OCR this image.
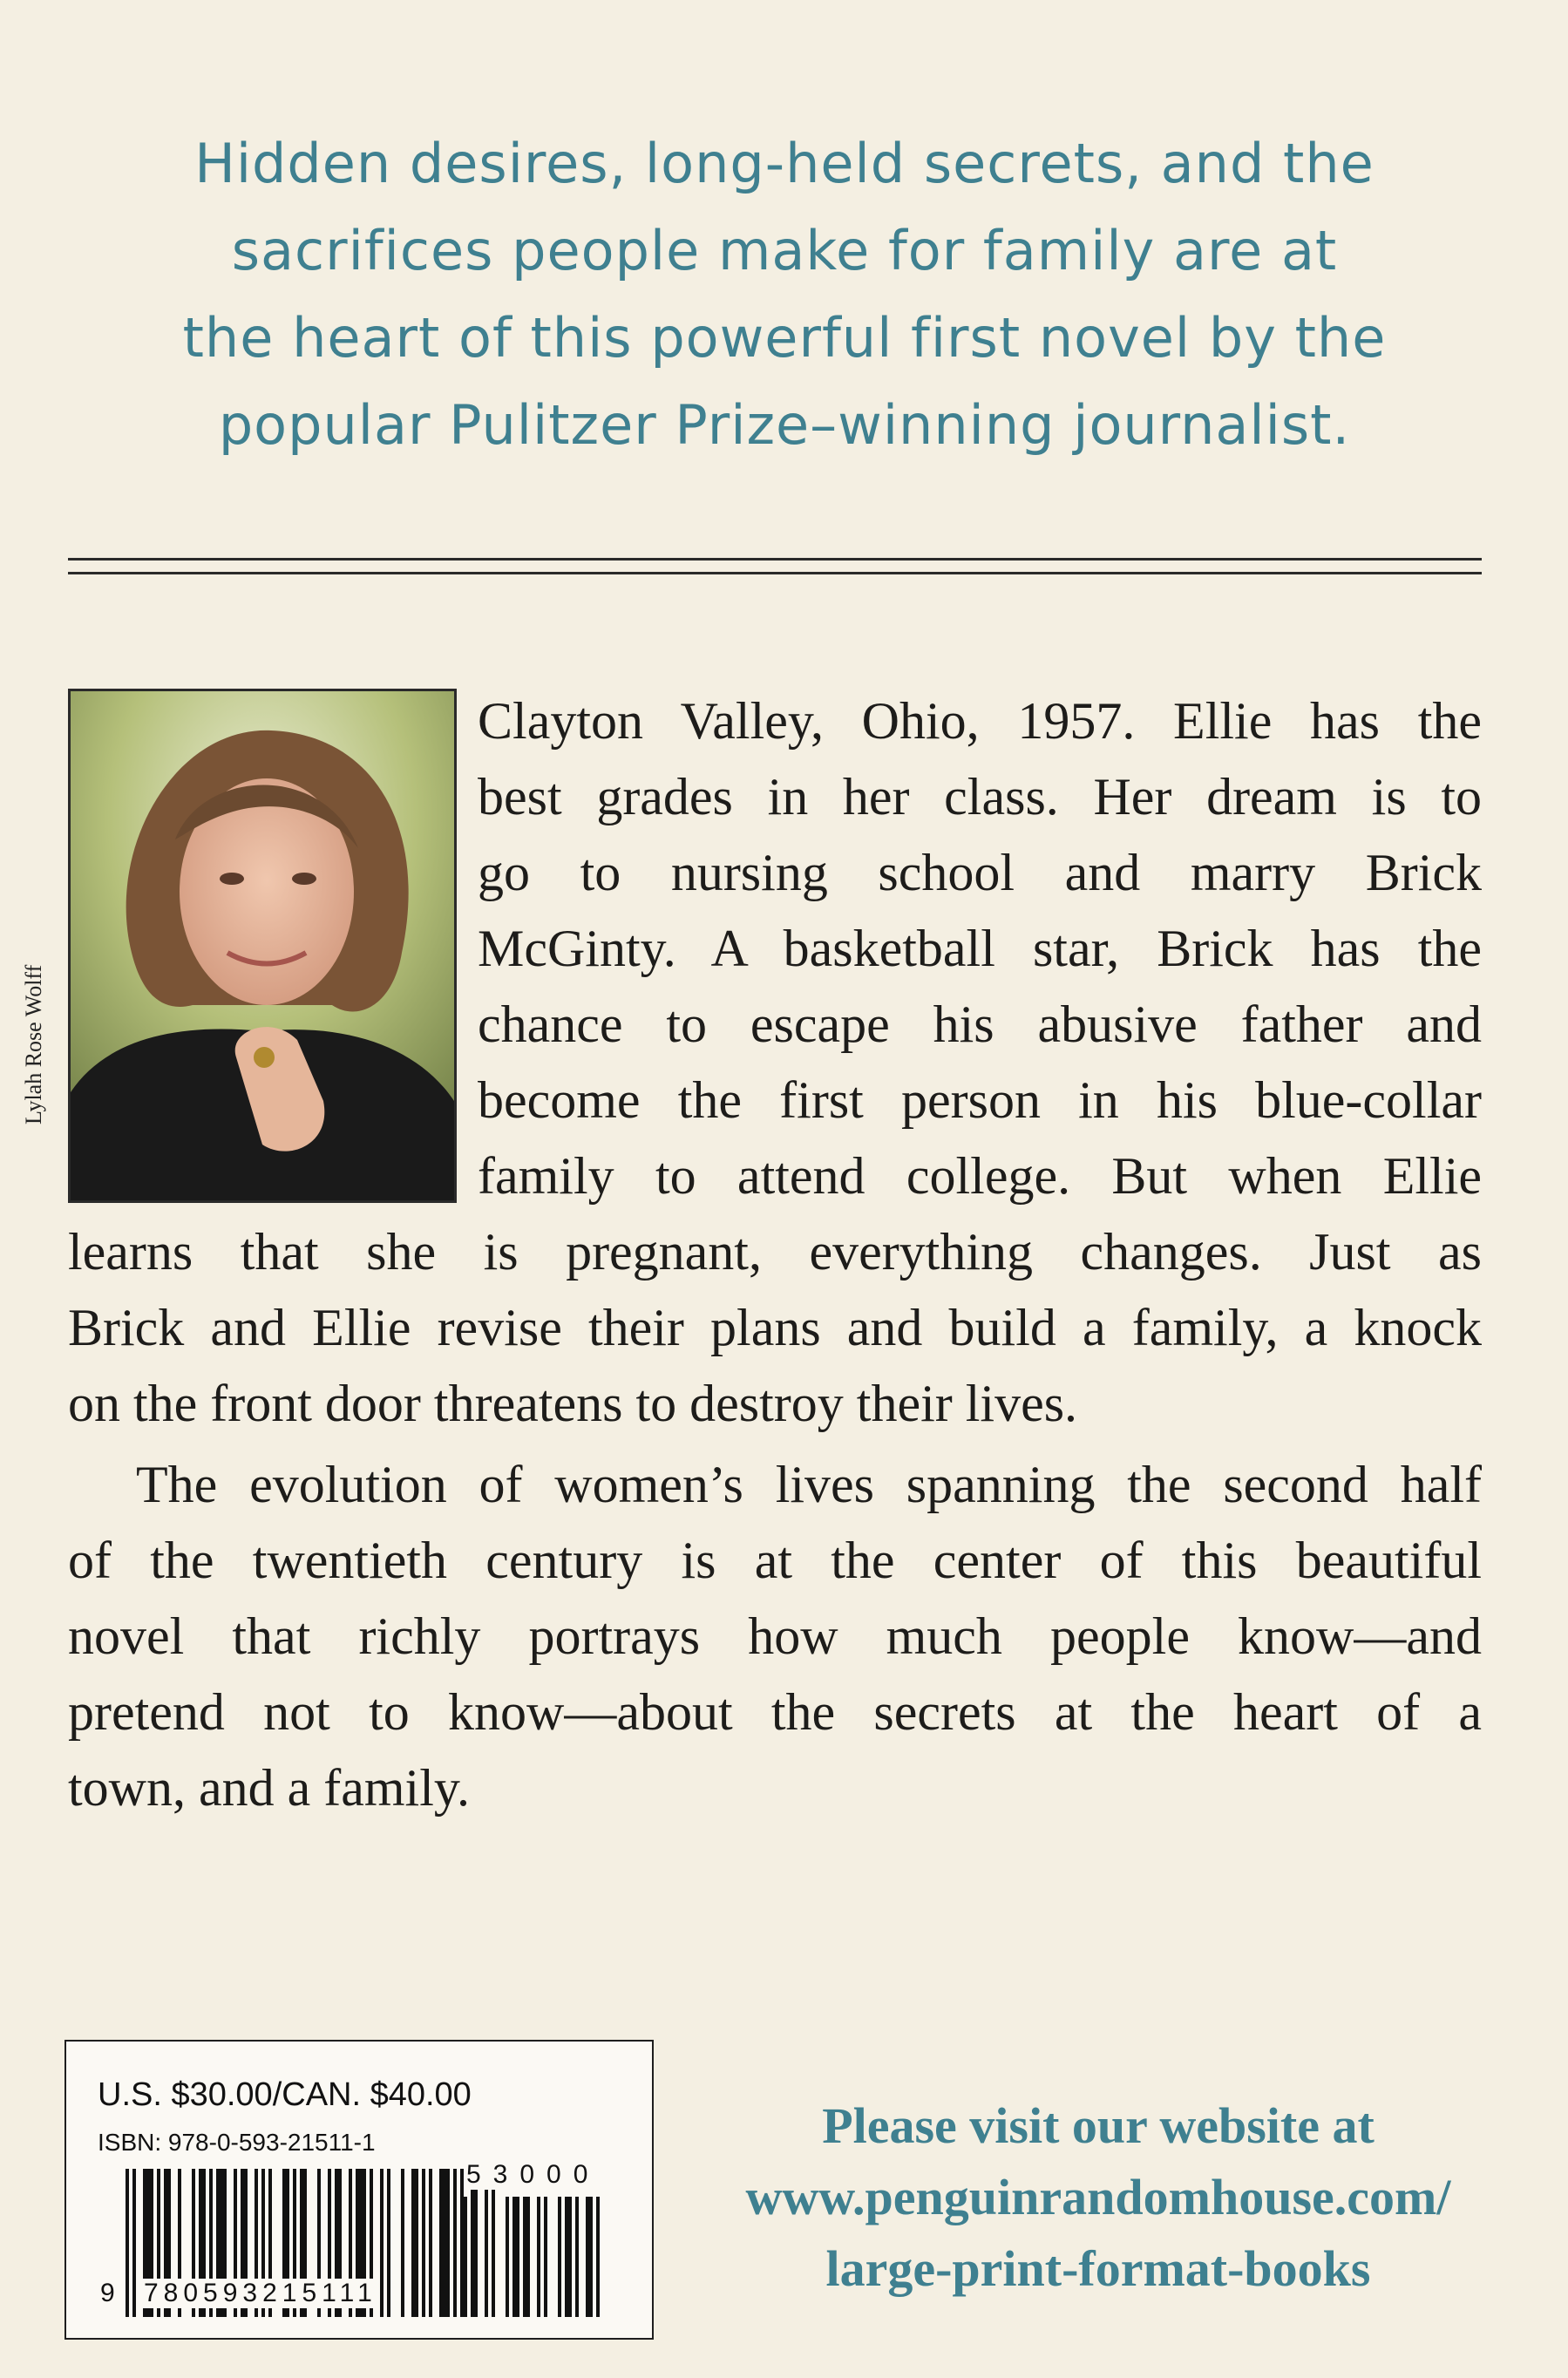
Hidden desires, long-held secrets, and the
sacrifices people make for family are at
the heart of this powerful first novel by the
popular Pulitzer Prize–winning journalist.
Lylah Rose Wolff
Clayton Valley, Ohio, 1957. Ellie has the
best grades in her class. Her dream is to
go to nursing school and marry Brick
McGinty. A basketball star, Brick has the
chance to escape his abusive father and
become the first person in his blue-collar
family to attend college. But when Ellie
learns that she is pregnant, everything changes. Just as
Brick and Ellie revise their plans and build a family, a knock
on the front door threatens to destroy their lives.
The evolution of women’s lives spanning the second half
of the twentieth century is at the center of this beautiful
novel that richly portrays how much people know—and
pretend not to know—about the secrets at the heart of a
town, and a family.
U.S. $30.00/CAN. $40.00
ISBN: 978-0-593-21511-1
9 780593215111
53000
Please visit our website at
www.penguinrandomhouse.com/
large-print-format-books
